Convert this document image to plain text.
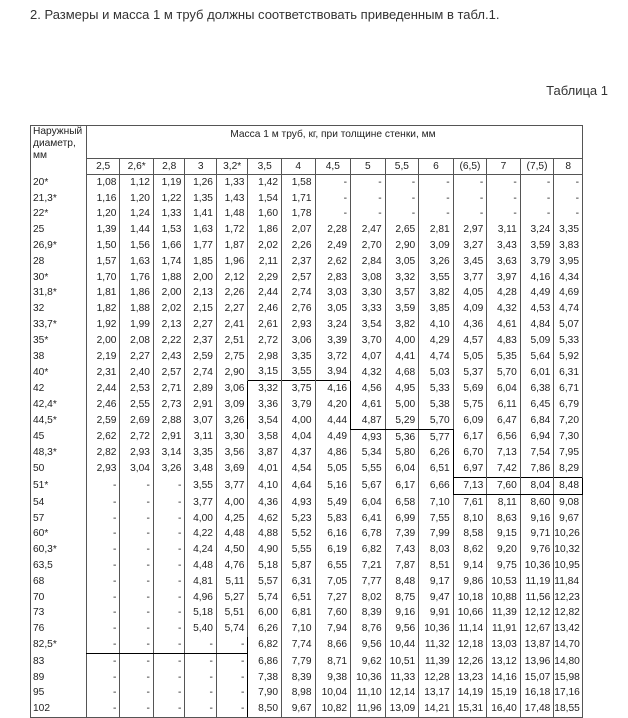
2. Размеры и масса 1 м труб должны соответствовать приведенным в табл.1.
Таблица 1
Наружный диаметр, мм	Масса 1 м труб, кг, при толщине стенки, мм														
	2,5	2,6*	2,8	3	3,2*	3,5	4	4,5	5	5,5	6	(6,5)	7	(7,5)	8
20*	1,08	1,12	1,19	1,26	1,33	1,42	1,58	-	-	-	-	-	-	-	-
21,3*	1,16	1,20	1,22	1,35	1,43	1,54	1,71	-	-	-	-	-	-	-	-
22*	1,20	1,24	1,33	1,41	1,48	1,60	1,78	-	-	-	-	-	-	-	-
25	1,39	1,44	1,53	1,63	1,72	1,86	2,07	2,28	2,47	2,65	2,81	2,97	3,11	3,24	3,35
26,9*	1,50	1,56	1,66	1,77	1,87	2,02	2,26	2,49	2,70	2,90	3,09	3,27	3,43	3,59	3,83
28	1,57	1,63	1,74	1,85	1,96	2,11	2,37	2,62	2,84	3,05	3,26	3,45	3,63	3,79	3,95
30*	1,70	1,76	1,88	2,00	2,12	2,29	2,57	2,83	3,08	3,32	3,55	3,77	3,97	4,16	4,34
31,8*	1,81	1,86	2,00	2,13	2,26	2,44	2,74	3,03	3,30	3,57	3,82	4,05	4,28	4,49	4,69
32	1,82	1,88	2,02	2,15	2,27	2,46	2,76	3,05	3,33	3,59	3,85	4,09	4,32	4,53	4,74
33,7*	1,92	1,99	2,13	2,27	2,41	2,61	2,93	3,24	3,54	3,82	4,10	4,36	4,61	4,84	5,07
35*	2,00	2,08	2,22	2,37	2,51	2,72	3,06	3,39	3,70	4,00	4,29	4,57	4,83	5,09	5,33
38	2,19	2,27	2,43	2,59	2,75	2,98	3,35	3,72	4,07	4,41	4,74	5,05	5,35	5,64	5,92
40*	2,31	2,40	2,57	2,74	2,90	3,15	3,55	3,94	4,32	4,68	5,03	5,37	5,70	6,01	6,31
42	2,44	2,53	2,71	2,89	3,06	3,32	3,75	4,16	4,56	4,95	5,33	5,69	6,04	6,38	6,71
42,4*	2,46	2,55	2,73	2,91	3,09	3,36	3,79	4,20	4,61	5,00	5,38	5,75	6,11	6,45	6,79
44,5*	2,59	2,69	2,88	3,07	3,26	3,54	4,00	4,44	4,87	5,29	5,70	6,09	6,47	6,84	7,20
45	2,62	2,72	2,91	3,11	3,30	3,58	4,04	4,49	4,93	5,36	5,77	6,17	6,56	6,94	7,30
48,3*	2,82	2,93	3,14	3,35	3,56	3,87	4,37	4,86	5,34	5,80	6,26	6,70	7,13	7,54	7,95
50	2,93	3,04	3,26	3,48	3,69	4,01	4,54	5,05	5,55	6,04	6,51	6,97	7,42	7,86	8,29
51*	-	-	-	3,55	3,77	4,10	4,64	5,16	5,67	6,17	6,66	7,13	7,60	8,04	8,48
54	-	-	-	3,77	4,00	4,36	4,93	5,49	6,04	6,58	7,10	7,61	8,11	8,60	9,08
57	-	-	-	4,00	4,25	4,62	5,23	5,83	6,41	6,99	7,55	8,10	8,63	9,16	9,67
60*	-	-	-	4,22	4,48	4,88	5,52	6,16	6,78	7,39	7,99	8,58	9,15	9,71	10,26
60,3*	-	-	-	4,24	4,50	4,90	5,55	6,19	6,82	7,43	8,03	8,62	9,20	9,76	10,32
63,5	-	-	-	4,48	4,76	5,18	5,87	6,55	7,21	7,87	8,51	9,14	9,75	10,36	10,95
68	-	-	-	4,81	5,11	5,57	6,31	7,05	7,77	8,48	9,17	9,86	10,53	11,19	11,84
70	-	-	-	4,96	5,27	5,74	6,51	7,27	8,02	8,75	9,47	10,18	10,88	11,56	12,23
73	-	-	-	5,18	5,51	6,00	6,81	7,60	8,39	9,16	9,91	10,66	11,39	12,12	12,82
76	-	-	-	5,40	5,74	6,26	7,10	7,94	8,76	9,56	10,36	11,14	11,91	12,67	13,42
82,5*	-	-	-	-	-	6,82	7,74	8,66	9,56	10,44	11,32	12,18	13,03	13,87	14,70
83	-	-	-	-	-	6,86	7,79	8,71	9,62	10,51	11,39	12,26	13,12	13,96	14,80
89	-	-	-	-	-	7,38	8,39	9,38	10,36	11,33	12,28	13,23	14,16	15,07	15,98
95	-	-	-	-	-	7,90	8,98	10,04	11,10	12,14	13,17	14,19	15,19	16,18	17,16
102	-	-	-	-	-	8,50	9,67	10,82	11,96	13,09	14,21	15,31	16,40	17,48	18,55
